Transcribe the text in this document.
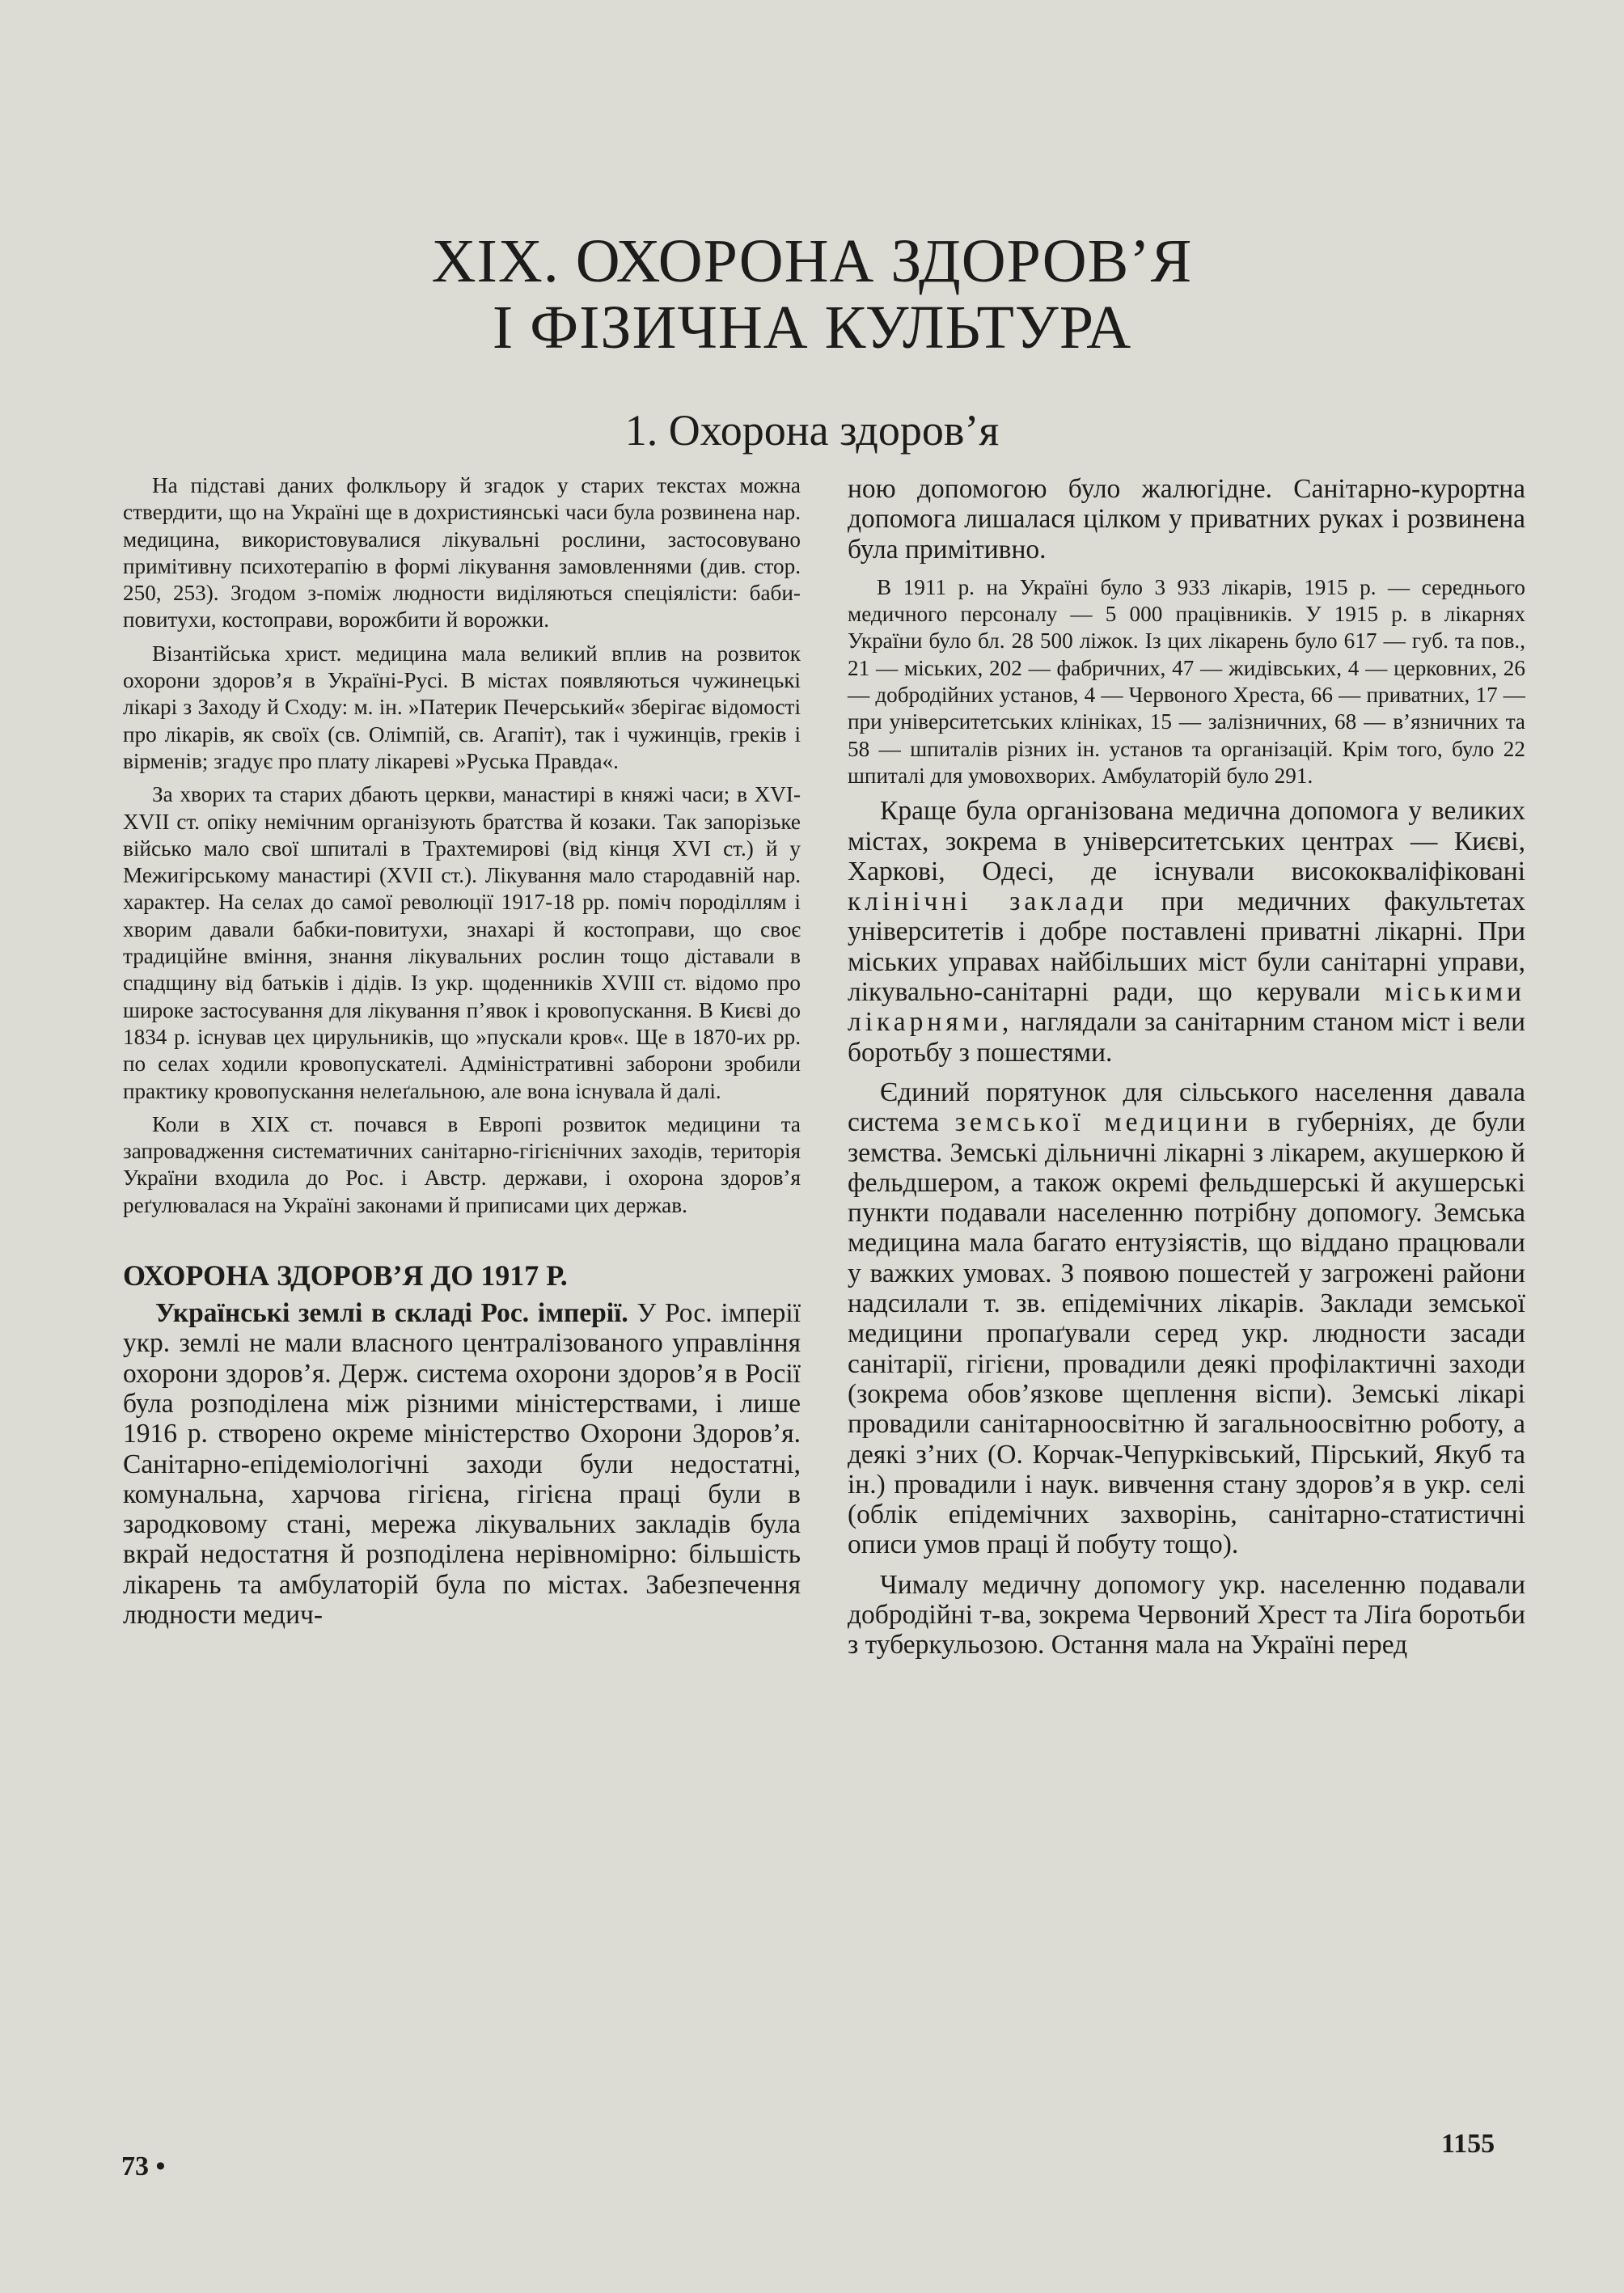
XIX. ОХОРОНА ЗДОРОВ’Я
І ФІЗИЧНА КУЛЬТУРА
1. Охорона здоров’я

На підставі даних фолкльору й згадок у старих текстах можна ствердити, що на Україні ще в дохристиянські часи була розвинена нар. медицина, використовувалися лікувальні рослини, застосовувано примітивну психотерапію в формі лікування замовленнями (див. стор. 250, 253). Згодом з-поміж людности виділяються спеціялісти: баби-повитухи, костоправи, ворожбити й ворожки.

Візантійська христ. медицина мала великий вплив на розвиток охорони здоров’я в Україні-Русі. В містах появляються чужинецькі лікарі з Заходу й Сходу: м. ін. »Патерик Печерський« зберігає відомості про лікарів, як своїх (св. Олімпій, св. Агапіт), так і чужинців, греків і вірменів; згадує про плату лікареві »Руська Правда«.

За хворих та старих дбають церкви, манастирі в княжі часи; в XVI-XVII ст. опіку немічним організують братства й козаки. Так запорізьке військо мало свої шпиталі в Трахтемирові (від кінця XVI ст.) й у Межигірському манастирі (XVII ст.). Лікування мало стародавній нар. характер. На селах до самої революції 1917-18 рр. поміч породіллям і хворим давали бабки-повитухи, знахарі й костоправи, що своє традиційне вміння, знання лікувальних рослин тощо діставали в спадщину від батьків і дідів. Із укр. щоденників XVIII ст. відомо про широке застосування для лікування п’явок і кровопускання. В Києві до 1834 р. існував цех цирульників, що »пускали кров«. Ще в 1870-их рр. по селах ходили кровопускателі. Адміністративні заборони зробили практику кровопускання нелеґальною, але вона існувала й далі.

Коли в XIX ст. почався в Европі розвиток медицини та запровадження систематичних санітарно-гігієнічних заходів, територія України входила до Рос. і Австр. держави, і охорона здоров’я реґулювалася на Україні законами й приписами цих держав.

ОХОРОНА ЗДОРОВ’Я ДО 1917 Р.

Українські землі в складі Рос. імперії. У Рос. імперії укр. землі не мали власного централізованого управління охорони здоров’я. Держ. система охорони здоров’я в Росії була розподілена між різними міністерствами, і лише 1916 р. створено окреме міністерство Охорони Здоров’я. Санітарно-епідеміологічні заходи були недостатні, комунальна, харчова гігієна, гігієна праці були в зародковому стані, мережа лікувальних закладів була вкрай недостатня й розподілена нерівномірно: більшість лікарень та амбулаторій була по містах. Забезпечення людности медич-

ною допомогою було жалюгідне. Санітарно-курортна допомога лишалася цілком у приватних руках і розвинена була примітивно.

В 1911 р. на Україні було 3 933 лікарів, 1915 р. — середнього медичного персоналу — 5 000 працівників. У 1915 р. в лікарнях України було бл. 28 500 ліжок. Із цих лікарень було 617 — губ. та пов., 21 — міських, 202 — фабричних, 47 — жидівських, 4 — церковних, 26 — добродійних установ, 4 — Червоного Хреста, 66 — приватних, 17 — при університетських клініках, 15 — залізничних, 68 — в’язничних та 58 — шпиталів різних ін. установ та організацій. Крім того, було 22 шпиталі для умовохворих. Амбулаторій було 291.

Краще була організована медична допомога у великих містах, зокрема в університетських центрах — Києві, Харкові, Одесі, де існували висококваліфіковані клінічні заклади при медичних факультетах університетів і добре поставлені приватні лікарні. При міських управах найбільших міст були санітарні управи, лікувально-санітарні ради, що керували міськими лікарнями, наглядали за санітарним станом міст і вели боротьбу з пошестями.

Єдиний порятунок для сільського населення давала система земської медицини в губерніях, де були земства. Земські дільничні лікарні з лікарем, акушеркою й фельдшером, а також окремі фельдшерські й акушерські пункти подавали населенню потрібну допомогу. Земська медицина мала багато ентузіястів, що віддано працювали у важких умовах. З появою пошестей у загрожені райони надсилали т. зв. епідемічних лікарів. Заклади земської медицини пропаґували серед укр. людности засади санітарії, гігієни, провадили деякі профілактичні заходи (зокрема обов’язкове щеплення віспи). Земські лікарі провадили санітарноосвітню й загальноосвітню роботу, а деякі з’них (О. Корчак-Чепурківський, Пірський, Якуб та ін.) провадили і наук. вивчення стану здоров’я в укр. селі (облік епідемічних захворінь, санітарно-статистичні описи умов праці й побуту тощо).

Чималу медичну допомогу укр. населенню подавали добродійні т-ва, зокрема Червоний Хрест та Ліґа боротьби з туберкульозою. Остання мала на Україні перед

73 •
1155
